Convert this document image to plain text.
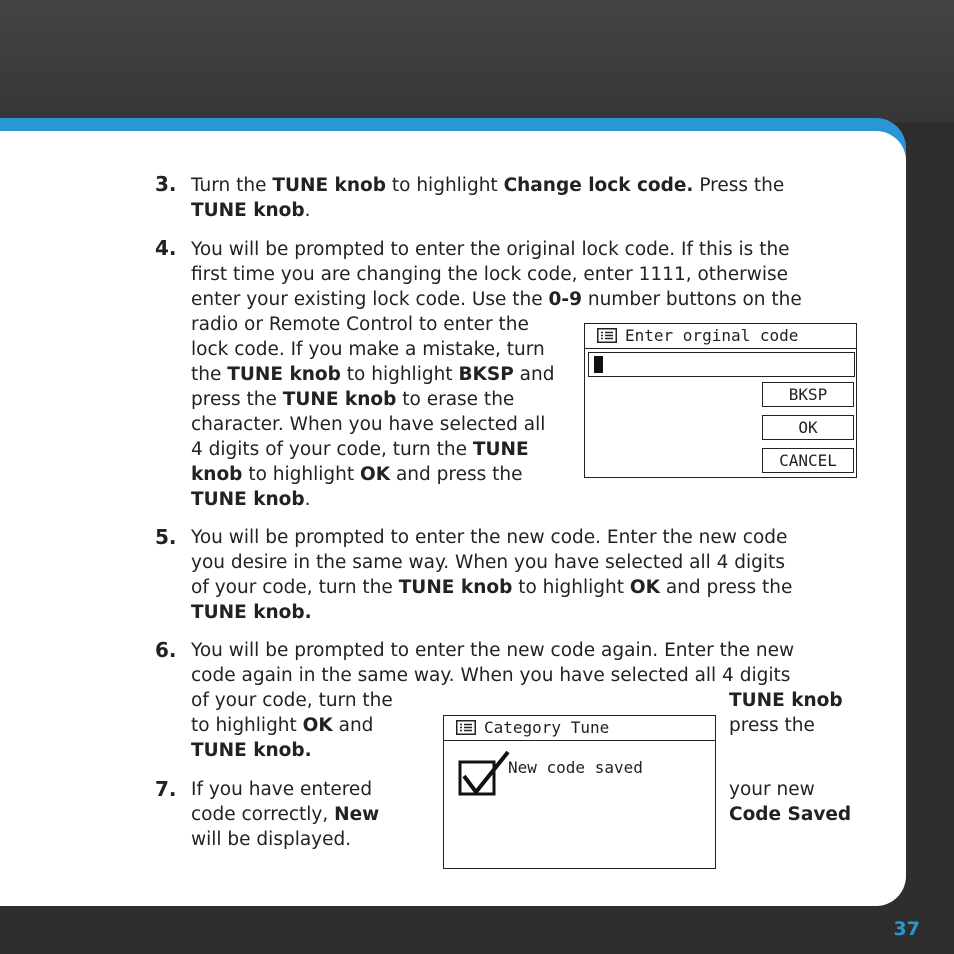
3. Turn the TUNE knob to highlight Change lock code. Press the
TUNE knob.
4. You will be prompted to enter the original lock code. If this is the
first time you are changing the lock code, enter 1111, otherwise
enter your existing lock code. Use the 0-9 number buttons on the
radio or Remote Control to enter the
lock code. If you make a mistake, turn
the TUNE knob to highlight BKSP and
press the TUNE knob to erase the
character. When you have selected all
4 digits of your code, turn the TUNE
knob to highlight OK and press the
TUNE knob.
5. You will be prompted to enter the new code. Enter the new code
you desire in the same way. When you have selected all 4 digits
of your code, turn the TUNE knob to highlight OK and press the
TUNE knob.
6. You will be prompted to enter the new code again. Enter the new
code again in the same way. When you have selected all 4 digits
of your code, turn the
to highlight OK and
TUNE knob.
TUNE knob
press the
7. If you have entered
code correctly, New
will be displayed.
your new
Code Saved
Enter orginal code
BKSP
OK
CANCEL
Category Tune
New code saved
37
